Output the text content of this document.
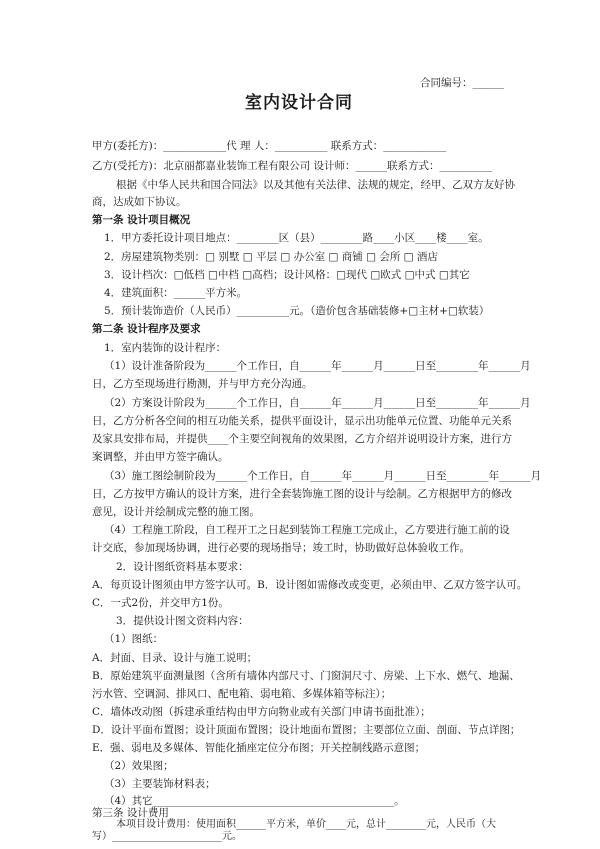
合同编号：______
室内设计合同
甲方(委托方)：____________代 理 人：__________ 联系方式：____________
乙方(受托方)：北京丽都嘉业装饰工程有限公司 设计师：______联系方式：__________
根据《中华人民共和国合同法》以及其他有关法律、法规的规定，经甲、乙双方友好协
商，达成如下协议。
第一条 设计项目概况
1．甲方委托设计项目地点：________区（县）________路____小区____楼____室。
2．房屋建筑物类别：□ 别墅 □ 平层 □ 办公室 □ 商铺 □ 会所 □ 酒店
3．设计档次：□低档 □中档 □高档；设计风格：□现代 □欧式 □中式 □其它
4．建筑面积：______平方米。
5．预计装饰造价（人民币）__________元。（造价包含基础装修+□主材+□软装）
第二条 设计程序及要求
1．室内装饰的设计程序：
（1）设计准备阶段为______个工作日，自______年______月______日至________年______月
日，乙方至现场进行勘测，并与甲方充分沟通。
（2）方案设计阶段为______个工作日，自______年______月______日至________年______月
日，乙方分析各空间的相互功能关系，提供平面设计，显示出功能单元位置、功能单元关系
及家具安排布局，并提供____个主要空间视角的效果图，乙方介绍并说明设计方案，进行方
案调整，并由甲方签字确认。
（3）施工图绘制阶段为______个工作日，自______年______月______日至________年______月
日，乙方按甲方确认的设计方案，进行全套装饰施工图的设计与绘制。乙方根据甲方的修改
意见，设计并绘制成完整的施工图。
（4）工程施工阶段，自工程开工之日起到装饰工程施工完成止，乙方要进行施工前的设
计交底，参加现场协调，进行必要的现场指导；竣工时，协助做好总体验收工作。
2．设计图纸资料基本要求：
A．每页设计图须由甲方签字认可。B．设计图如需修改或变更，必须由甲、乙双方签字认可。
C．一式2份，并交甲方1份。
3．提供设计图文资料内容：
（1）图纸：
A．封面、目录、设计与施工说明；
B．原始建筑平面测量图（含所有墙体内部尺寸、门窗洞尺寸、房梁、上下水、燃气、地漏、
污水管、空调洞、排风口、配电箱、弱电箱、多媒体箱等标注）；
C．墙体改动图（拆建承重结构由甲方向物业或有关部门申请书面批准）；
D．设计平面布置图；设计顶面布置图；设计地面布置图；主要部位立面、剖面、节点详图；
E．强、弱电及多媒体、智能化插座定位分布图；开关控制线路示意图；
（2）效果图；
（3）主要装饰材料表；
（4）其它______________________________________________。
第三条 设计费用
本项目设计费用：使用面积______平方米，单价____元，总计________元，人民币（大
写）______________________元。
